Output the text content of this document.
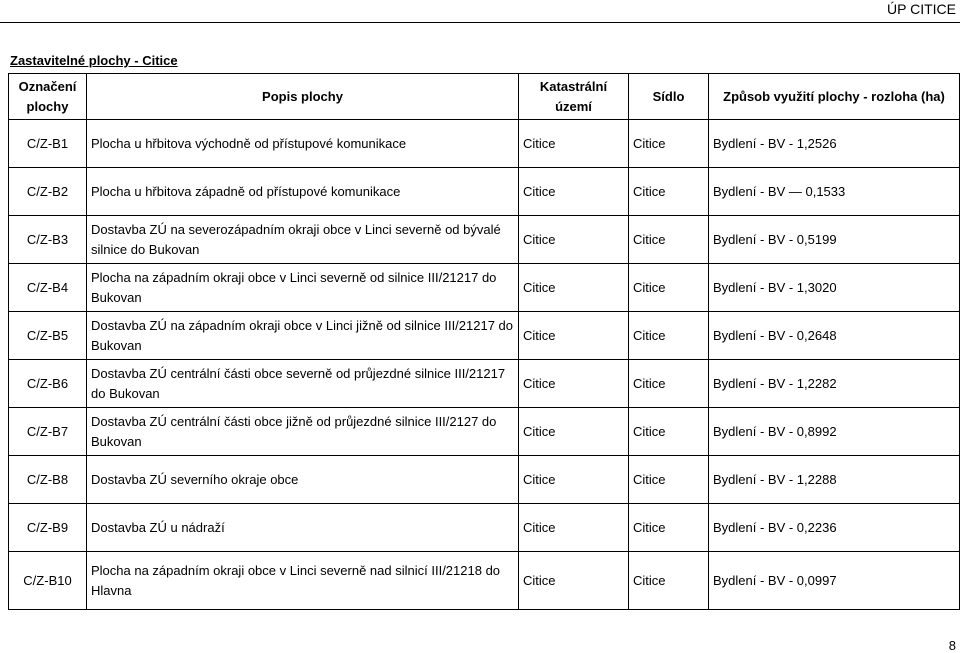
ÚP CITICE
Zastavitelné plochy - Citice
Označení plochy	Popis plochy	Katastrální území	Sídlo	Způsob využití plochy - rozloha (ha)
C/Z-B1	Plocha u hřbitova východně od přístupové komunikace	Citice	Citice	Bydlení - BV - 1,2526
C/Z-B2	Plocha u hřbitova západně od přístupové komunikace	Citice	Citice	Bydlení - BV — 0,1533
C/Z-B3	Dostavba ZÚ na severozápadním okraji obce v Linci severně od bývalé silnice do Bukovan	Citice	Citice	Bydlení - BV - 0,5199
C/Z-B4	Plocha na západním okraji obce v Linci severně od silnice III/21217 do Bukovan	Citice	Citice	Bydlení - BV - 1,3020
C/Z-B5	Dostavba ZÚ na západním okraji obce v Linci jižně od silnice III/21217 do Bukovan	Citice	Citice	Bydlení - BV - 0,2648
C/Z-B6	Dostavba ZÚ centrální části obce severně od průjezdné silnice III/21217 do Bukovan	Citice	Citice	Bydlení - BV - 1,2282
C/Z-B7	Dostavba ZÚ centrální části obce jižně od průjezdné silnice III/2127 do Bukovan	Citice	Citice	Bydlení - BV - 0,8992
C/Z-B8	Dostavba ZÚ severního okraje obce	Citice	Citice	Bydlení - BV - 1,2288
C/Z-B9	Dostavba ZÚ u nádraží	Citice	Citice	Bydlení - BV - 0,2236
C/Z-B10	Plocha na západním okraji obce v Linci severně nad silnicí III/21218 do Hlavna	Citice	Citice	Bydlení - BV - 0,0997
8
